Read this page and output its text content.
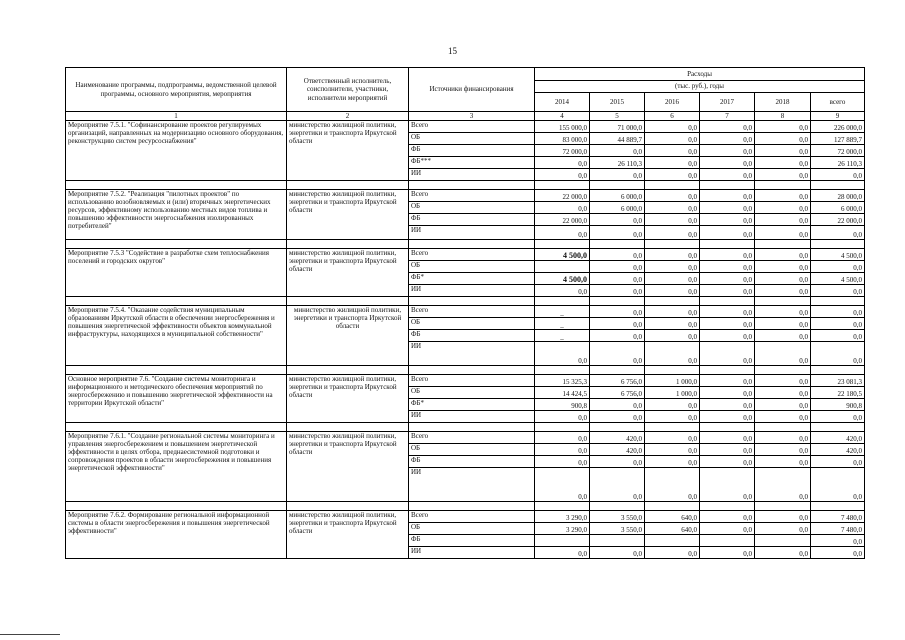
15
Наименование программы, подпрограммы, ведомственной целевой программы, основного мероприятия, мероприятия	Ответственный исполнитель, соисполнители, участники, исполнители мероприятий	Источники финансирования	Расходы					
			(тыс. руб.), годы					
			2014	2015	2016	2017	2018	всего
1	2	3	4	5	6	7	8	9
Мероприятие 7.5.1. "Софинансирование проектов регулируемых организаций, направленных на модернизацию основного оборудования, реконструкцию систем ресурсоснабжения"	министерство жилищной политики, энергетики и транспорта Иркутской области	Всего	155 000,0	71 000,0	0,0	0,0	0,0	226 000,0
		ОБ	83 000,0	44 889,7	0,0	0,0	0,0	127 889,7
		ФБ	72 000,0	0,0	0,0	0,0	0,0	72 000,0
		ФБ***	0,0	26 110,3	0,0	0,0	0,0	26 110,3
		ИИ	0,0	0,0	0,0	0,0	0,0	0,0

Мероприятие 7.5.2. "Реализация "пилотных проектов" по использованию возобновляемых и (или) вторичных энергетических ресурсов, эффективному использованию местных видов топлива и повышению эффективности энергоснабжения изолированных потребителей"	министерство жилищной политики, энергетики и транспорта Иркутской области	Всего	22 000,0	6 000,0	0,0	0,0	0,0	28 000,0
		ОБ	0,0	6 000,0	0,0	0,0	0,0	6 000,0
		ФБ	22 000,0	0,0	0,0	0,0	0,0	22 000,0
		ИИ	0,0	0,0	0,0	0,0	0,0	0,0

Мероприятие 7.5.3 "Содействие в разработке схем теплоснабжения поселений и городских округов"	министерство жилищной политики, энергетики и транспорта Иркутской области	Всего	4 500,0	0,0	0,0	0,0	0,0	4 500,0
		ОБ		0,0	0,0	0,0	0,0	0,0
		ФБ*	4 500,0	0,0	0,0	0,0	0,0	4 500,0
		ИИ	0,0	0,0	0,0	0,0	0,0	0,0

Мероприятие 7.5.4. "Оказание содействия муниципальным образованиям Иркутской области в обеспечении энергосбережения и повышения энергетической эффективности объектов коммунальной инфраструктуры, находящихся в муниципальной собственности"	министерство жилищной политики, энергетики и транспорта Иркутской области	Всего	_	0,0	0,0	0,0	0,0	0,0
		ОБ	_	0,0	0,0	0,0	0,0	0,0
		ФБ	_	0,0	0,0	0,0	0,0	0,0
		ИИ	0,0	0,0	0,0	0,0	0,0	0,0

Основное мероприятие 7.6. "Создание системы мониторинга и информационного и методического обеспечения мероприятий по энергосбережению и повышению энергетической эффективности на территории Иркутской области"	министерство жилищной политики, энергетики и транспорта Иркутской области	Всего	15 325,3	6 756,0	1 000,0	0,0	0,0	23 081,3
		ОБ	14 424,5	6 756,0	1 000,0	0,0	0,0	22 180,5
		ФБ*	900,8	0,0	0,0	0,0	0,0	900,8
		ИИ	0,0	0,0	0,0	0,0	0,0	0,0

Мероприятие 7.6.1. "Создание региональной системы мониторинга и управления энергосбережением и повышением энергетической эффективности в целях отбора, преднаесистемной подготовки и сопровождения проектов в области энергосбережения и повышения энергетической эффективности"	министерство жилищной политики, энергетики и транспорта Иркутской области	Всего	0,0	420,0	0,0	0,0	0,0	420,0
		ОБ	0,0	420,0	0,0	0,0	0,0	420,0
		ФБ	0,0	0,0	0,0	0,0	0,0	0,0
		ИИ	0,0	0,0	0,0	0,0	0,0	0,0

Мероприятие 7.6.2. Формирование региональной информационной системы в области энергосбережения и повышения энергетической эффективности"	министерство жилищной политики, энергетики и транспорта Иркутской области	Всего	3 290,0	3 550,0	640,0	0,0	0,0	7 480,0
		ОБ	3 290,0	3 550,0	640,0	0,0	0,0	7 480,0
		ФБ						0,0
		ИИ	0,0	0,0	0,0	0,0	0,0	0,0
